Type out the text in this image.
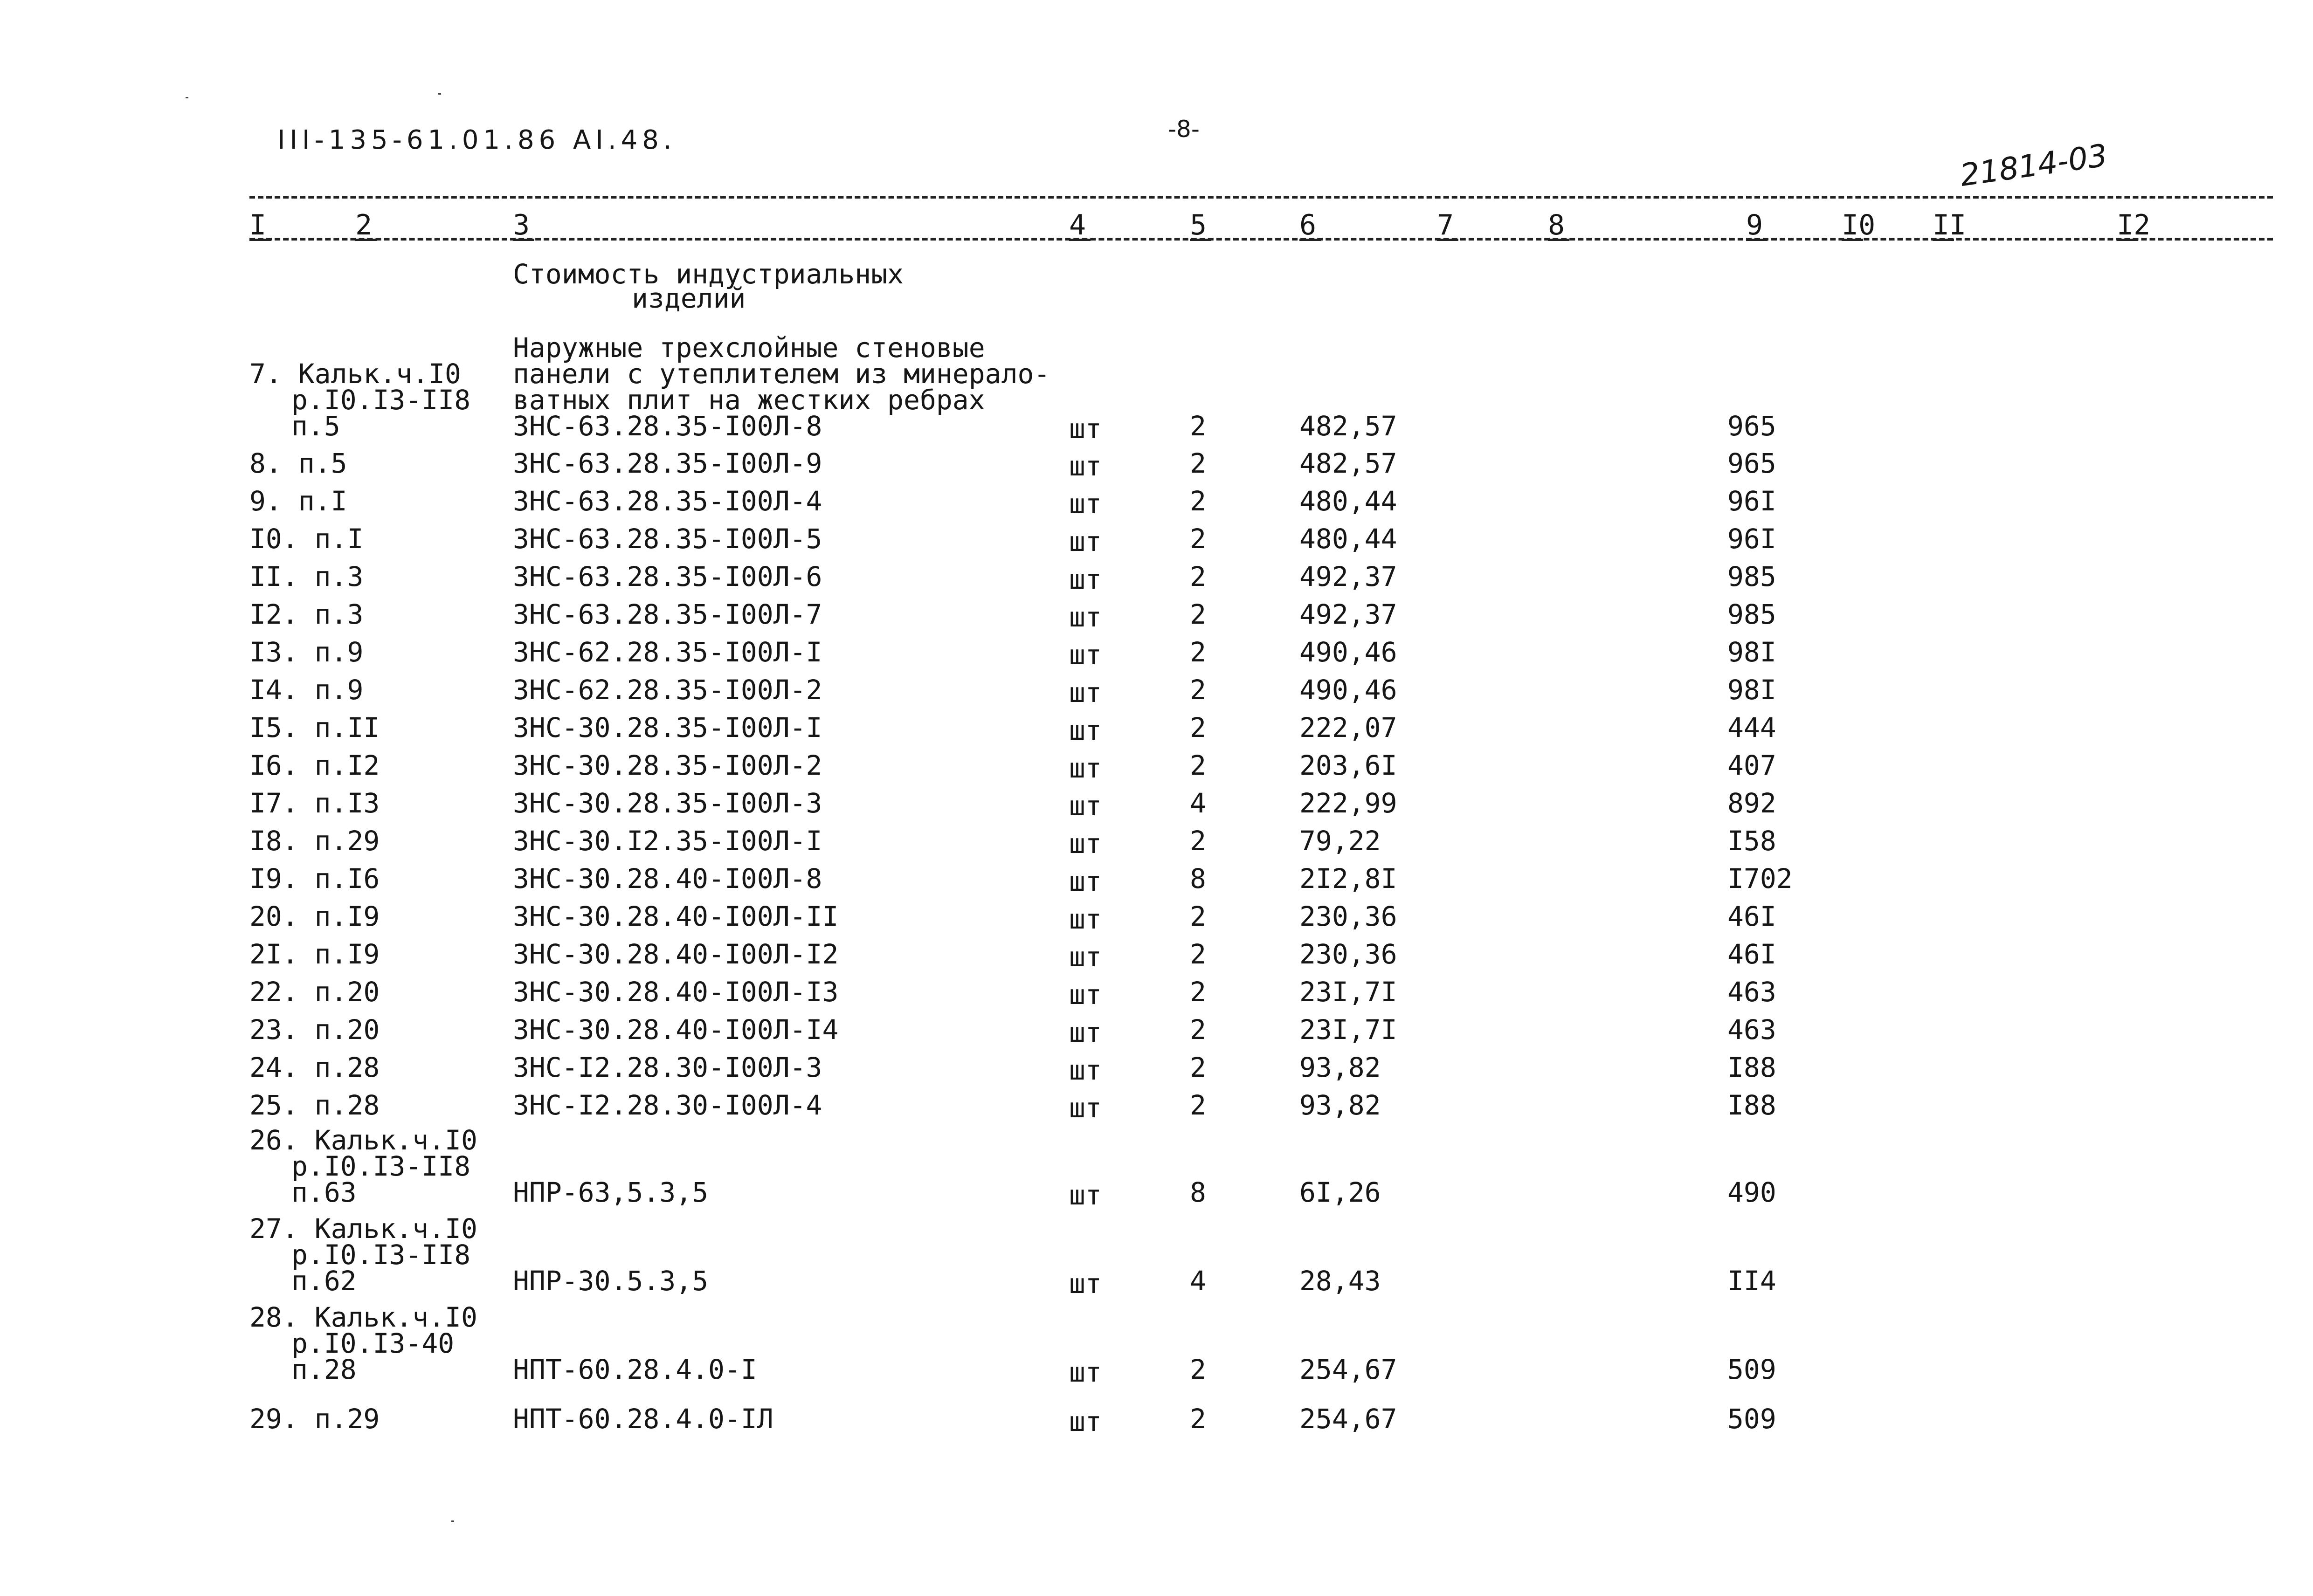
III-135-61.01.86 AI.48.	-8-
21814-03
I	2	3	4	5	6	7	8	9	I0 II	I2
Стоимость индустриальных
изделий
7. Кальк.ч.I0
р.I0.I3-II8
п.5
Наружные трехслойные стеновые
панели с утеплителем из минерало-
ватных плит на жестких ребрах
ЗНС-63.28.35-I00Л-8	шт	2	482,57	965
8. п.5	ЗНС-63.28.35-I00Л-9	шт	2	482,57	965
9. п.I	ЗНС-63.28.35-I00Л-4	шт	2	480,44	96I
I0. п.I	ЗНС-63.28.35-I00Л-5	шт	2	480,44	96I
II. п.3	ЗНС-63.28.35-I00Л-6	шт	2	492,37	985
I2. п.3	ЗНС-63.28.35-I00Л-7	шт	2	492,37	985
I3. п.9	ЗНС-62.28.35-I00Л-I	шт	2	490,46	98I
I4. п.9	ЗНС-62.28.35-I00Л-2	шт	2	490,46	98I
I5. п.II	ЗНС-30.28.35-I00Л-I	шт	2	222,07	444
I6. п.I2	ЗНС-30.28.35-I00Л-2	шт	2	203,6I	407
I7. п.I3	ЗНС-30.28.35-I00Л-3	шт	4	222,99	892
I8. п.29	ЗНС-30.I2.35-I00Л-I	шт	2	79,22	I58
I9. п.I6	ЗНС-30.28.40-I00Л-8	шт	8	2I2,8I	I702
20. п.I9	ЗНС-30.28.40-I00Л-II	шт	2	230,36	46I
2I. п.I9	ЗНС-30.28.40-I00Л-I2	шт	2	230,36	46I
22. п.20	ЗНС-30.28.40-I00Л-I3	шт	2	23I,7I	463
23. п.20	ЗНС-30.28.40-I00Л-I4	шт	2	23I,7I	463
24. п.28	ЗНС-I2.28.30-I00Л-3	шт	2	93,82	I88
25. п.28	ЗНС-I2.28.30-I00Л-4	шт	2	93,82	I88
26. Кальк.ч.I0
р.I0.I3-II8
п.63	НПР-63,5.3,5	шт	8	6I,26	490
27. Кальк.ч.I0
р.I0.I3-II8
п.62	НПР-30.5.3,5	шт	4	28,43	II4
28. Кальк.ч.I0
р.I0.I3-40
п.28	НПТ-60.28.4.0-I	шт	2	254,67	509
29. п.29	НПТ-60.28.4.0-IЛ	шт	2	254,67	509
